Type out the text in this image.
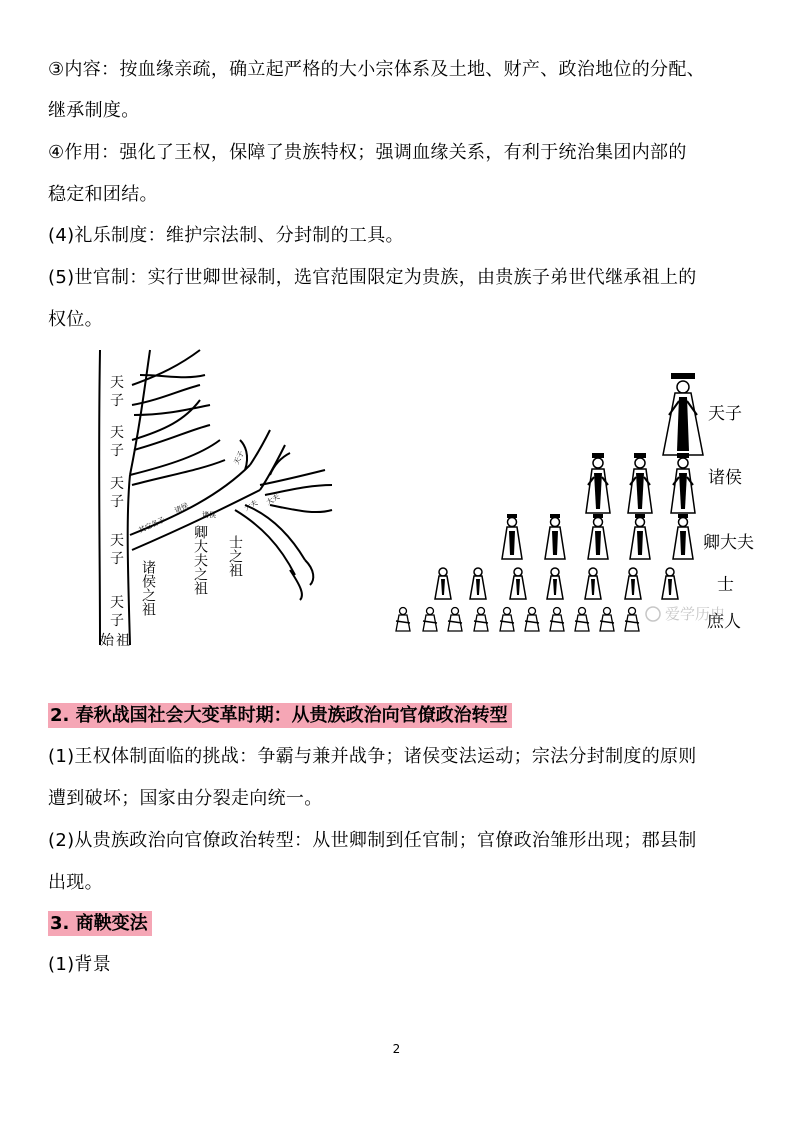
③内容：按血缘亲疏，确立起严格的大小宗体系及土地、财产、政治地位的分配、
继承制度。
④作用：强化了王权，保障了贵族特权；强调血缘关系，有利于统治集团内部的
稳定和团结。
(4)礼乐制度：维护宗法制、分封制的工具。
(5)世官制：实行世卿世禄制，选官范围限定为贵族，由贵族子弟世代继承祖上的
权位。
天
子
天
子
天
子
天
子
天
子
始 祖
其它各子
诸侯
诸侯
大夫 大夫
天子
诸侯之祖	卿大夫之祖 士之祖
天子
诸侯
卿大夫
士
庶人
爱学历史
2. 春秋战国社会大变革时期：从贵族政治向官僚政治转型
(1)王权体制面临的挑战：争霸与兼并战争；诸侯变法运动；宗法分封制度的原则
遭到破坏；国家由分裂走向统一。
(2)从贵族政治向官僚政治转型：从世卿制到任官制；官僚政治雏形出现；郡县制
出现。
3. 商鞅变法
(1)背景
2
